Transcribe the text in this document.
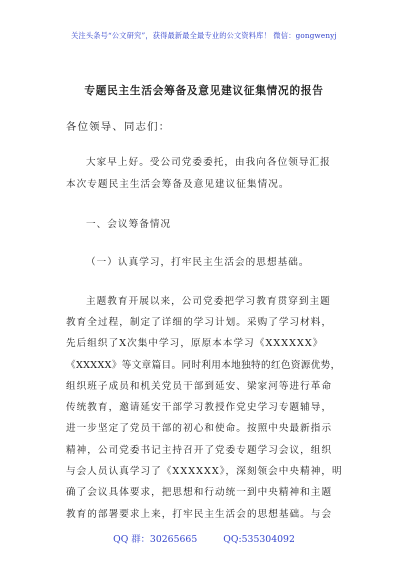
关注头条号“公文研究”，获得最新最全最专业的公文资料库！ 微信：gongwenyj
专题民主生活会筹备及意见建议征集情况的报告
各位领导、同志们：
大家早上好。受公司党委委托，由我向各位领导汇报
本次专题民主生活会筹备及意见建议征集情况。
一、会议筹备情况
（一）认真学习，打牢民主生活会的思想基础。
主题教育开展以来，公司党委把学习教育贯穿到主题
教育全过程，制定了详细的学习计划。采购了学习材料，
先后组织了X次集中学习，原原本本学习《XXXXXX》
《XXXXX》等文章篇目。同时利用本地独特的红色资源优势，
组织班子成员和机关党员干部到延安、梁家河等进行革命
传统教育，邀请延安干部学习教授作党史学习专题辅导，
进一步坚定了党员干部的初心和使命。按照中央最新指示
精神，公司党委书记主持召开了党委专题学习会议，组织
与会人员认真学习了《XXXXXX》，深刻领会中央精神，明
确了会议具体要求，把思想和行动统一到中央精神和主题
教育的部署要求上来，打牢民主生活会的思想基础。与会
QQ 群：30265665	QQ:535304092
